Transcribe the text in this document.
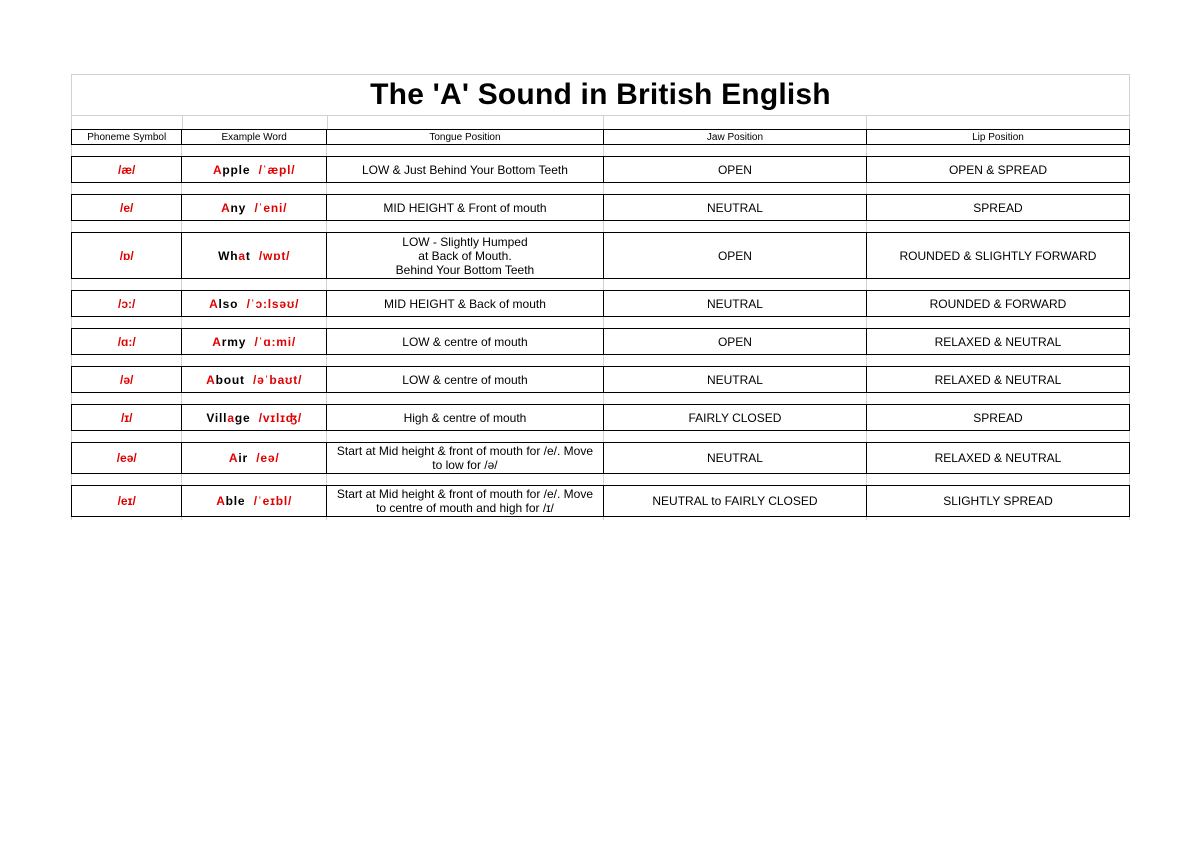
The 'A' Sound in British English
Phoneme Symbol	Example Word	Tongue Position	Jaw Position	Lip Position

/æ/	Apple /ˈæpl/	LOW & Just Behind Your Bottom Teeth	OPEN	OPEN & SPREAD

/e/	Any /ˈeni/	MID HEIGHT & Front of mouth	NEUTRAL	SPREAD

/ɒ/	What /wɒt/	LOW - Slightly Humped
at Back of Mouth.
Behind Your Bottom Teeth	OPEN	ROUNDED & SLIGHTLY FORWARD

/ɔ:/	Also /ˈɔ:lsəʊ/	MID HEIGHT & Back of mouth	NEUTRAL	ROUNDED & FORWARD

/ɑ:/	Army /ˈɑ:mi/	LOW & centre of mouth	OPEN	RELAXED & NEUTRAL

/ə/	About /əˈbaʊt/	LOW & centre of mouth	NEUTRAL	RELAXED & NEUTRAL

/ɪ/	Village /vɪlɪʤ/	High & centre of mouth	FAIRLY CLOSED	SPREAD

/eə/	Air /eə/	Start at Mid height & front of mouth for /e/. Move
to low for /ə/	NEUTRAL	RELAXED & NEUTRAL

/eɪ/	Able /ˈeɪbl/	Start at Mid height & front of mouth for /e/. Move
to centre of mouth and high for /ɪ/	NEUTRAL to FAIRLY CLOSED	SLIGHTLY SPREAD
